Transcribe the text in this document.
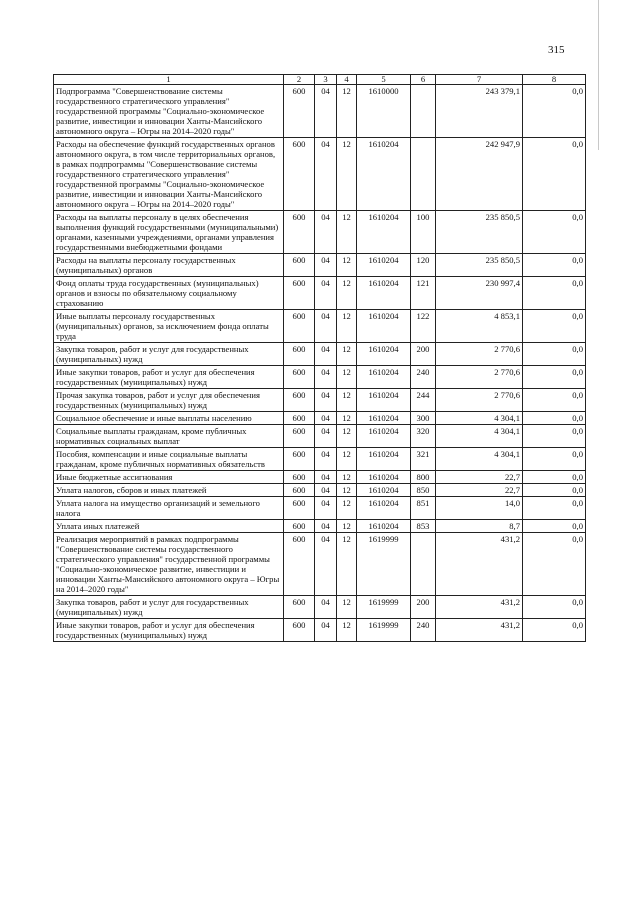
315
1	2	3	4	5	6	7	8
Подпрограмма "Совершенствование системы государственного стратегического управления" государственной программы "Социально-экономическое развитие, инвестиции и инновации Ханты-Мансийского автономного округа – Югры на 2014–2020 годы"	600	04	12	1610000		243 379,1	0,0
Расходы на обеспечение функций государственных органов автономного округа, в том числе территориальных органов, в рамках подпрограммы "Совершенствование системы государственного стратегического управления" государственной программы "Социально-экономическое развитие, инвестиции и инновации Ханты-Мансийского автономного округа – Югры на 2014–2020 годы"	600	04	12	1610204		242 947,9	0,0
Расходы на выплаты персоналу в целях обеспечения выполнения функций государственными (муниципальными) органами, казенными учреждениями, органами управления государственными внебюджетными фондами	600	04	12	1610204	100	235 850,5	0,0
Расходы на выплаты персоналу государственных (муниципальных) органов	600	04	12	1610204	120	235 850,5	0,0
Фонд оплаты труда государственных (муниципальных) органов и взносы по обязательному социальному страхованию	600	04	12	1610204	121	230 997,4	0,0
Иные выплаты персоналу государственных (муниципальных) органов, за исключением фонда оплаты труда	600	04	12	1610204	122	4 853,1	0,0
Закупка товаров, работ и услуг для государственных (муниципальных) нужд	600	04	12	1610204	200	2 770,6	0,0
Иные закупки товаров, работ и услуг для обеспечения государственных (муниципальных) нужд	600	04	12	1610204	240	2 770,6	0,0
Прочая закупка товаров, работ и услуг для обеспечения государственных (муниципальных) нужд	600	04	12	1610204	244	2 770,6	0,0
Социальное обеспечение и иные выплаты населению	600	04	12	1610204	300	4 304,1	0,0
Социальные выплаты гражданам, кроме публичных нормативных социальных выплат	600	04	12	1610204	320	4 304,1	0,0
Пособия, компенсации и иные социальные выплаты гражданам, кроме публичных нормативных обязательств	600	04	12	1610204	321	4 304,1	0,0
Иные бюджетные ассигнования	600	04	12	1610204	800	22,7	0,0
Уплата налогов, сборов и иных платежей	600	04	12	1610204	850	22,7	0,0
Уплата налога на имущество организаций и земельного налога	600	04	12	1610204	851	14,0	0,0
Уплата иных платежей	600	04	12	1610204	853	8,7	0,0
Реализация мероприятий в рамках подпрограммы "Совершенствование системы государственного стратегического управления" государственной программы "Социально-экономическое развитие, инвестиции и инновации Ханты-Мансийского автономного округа – Югры на 2014–2020 годы"	600	04	12	1619999		431,2	0,0
Закупка товаров, работ и услуг для государственных (муниципальных) нужд	600	04	12	1619999	200	431,2	0,0
Иные закупки товаров, работ и услуг для обеспечения государственных (муниципальных) нужд	600	04	12	1619999	240	431,2	0,0
